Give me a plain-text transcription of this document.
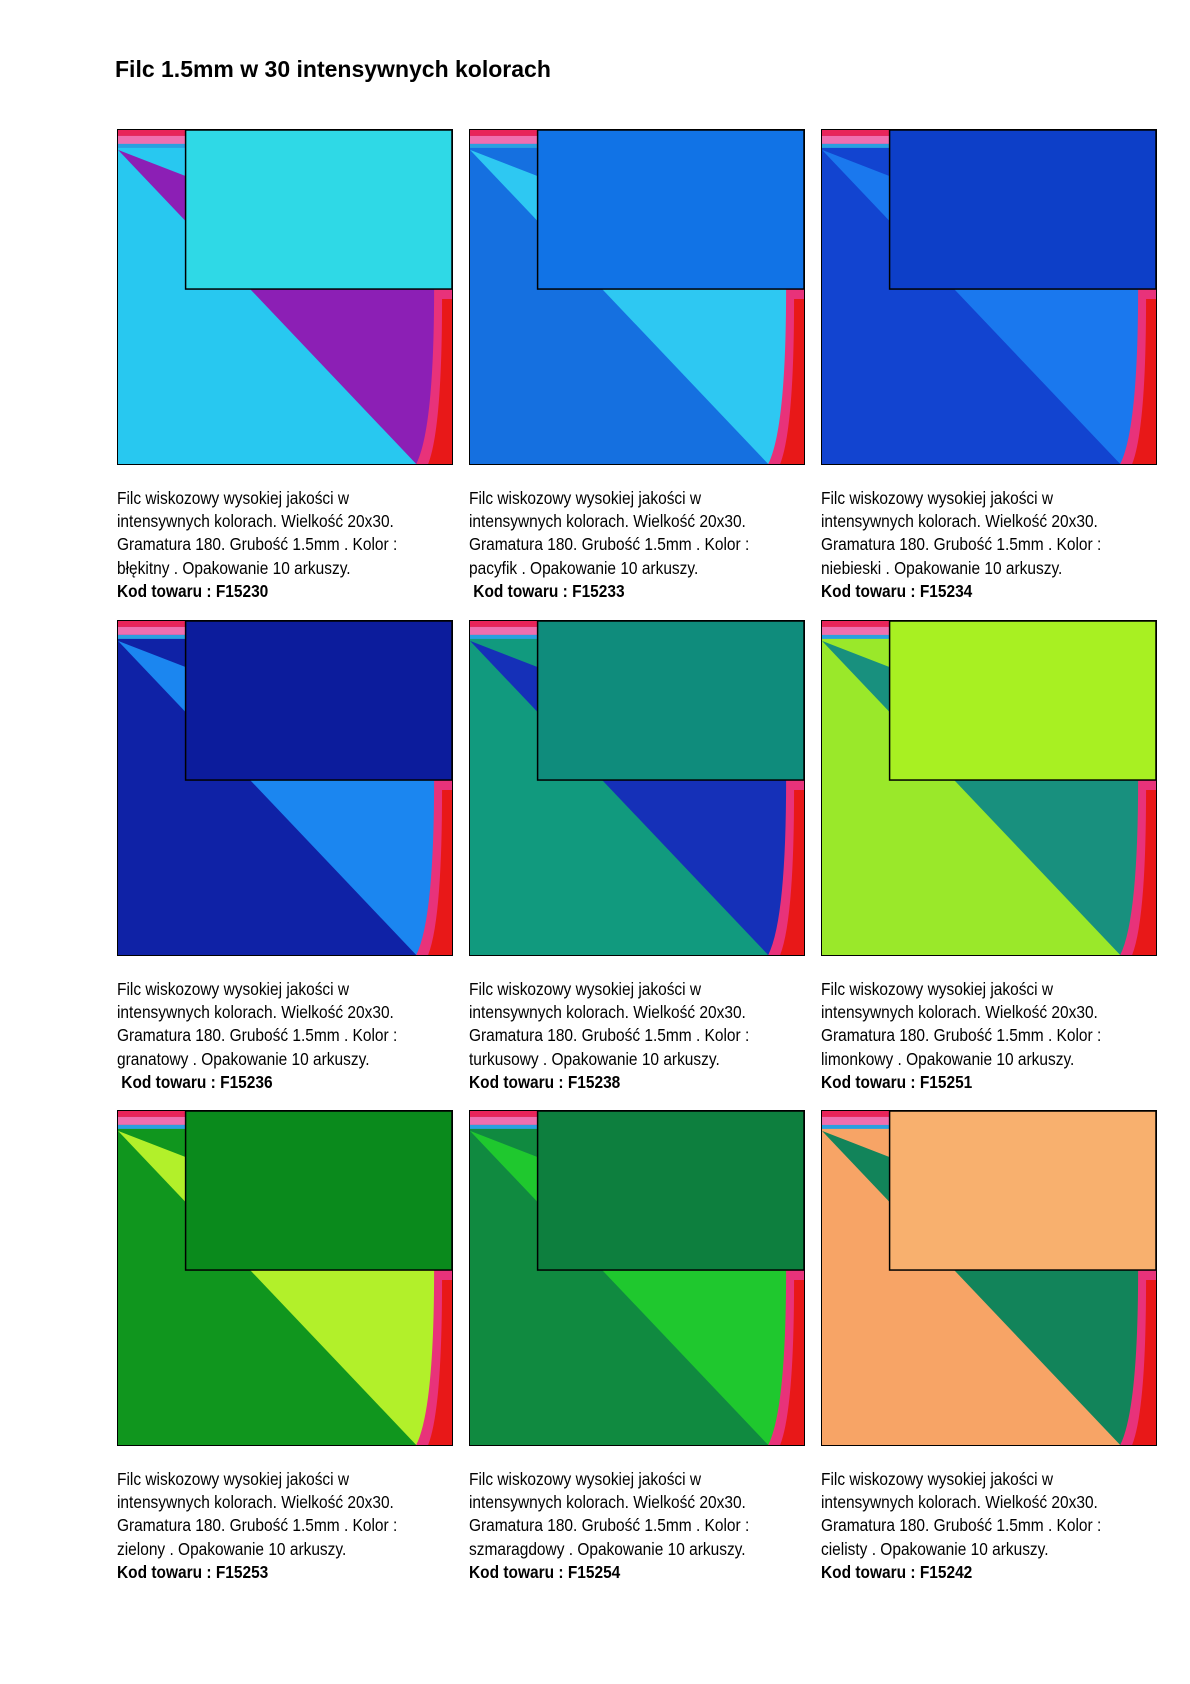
Filc 1.5mm w 30 intensywnych kolorach
Filc wiskozowy wysokiej jakości w
intensywnych kolorach. Wielkość 20x30.
Gramatura 180. Grubość 1.5mm . Kolor :
błękitny . Opakowanie 10 arkuszy.
Kod towaru : F15230
Filc wiskozowy wysokiej jakości w
intensywnych kolorach. Wielkość 20x30.
Gramatura 180. Grubość 1.5mm . Kolor :
pacyfik . Opakowanie 10 arkuszy.
Kod towaru : F15233
Filc wiskozowy wysokiej jakości w
intensywnych kolorach. Wielkość 20x30.
Gramatura 180. Grubość 1.5mm . Kolor :
niebieski . Opakowanie 10 arkuszy.
Kod towaru : F15234
Filc wiskozowy wysokiej jakości w
intensywnych kolorach. Wielkość 20x30.
Gramatura 180. Grubość 1.5mm . Kolor :
granatowy . Opakowanie 10 arkuszy.
Kod towaru : F15236
Filc wiskozowy wysokiej jakości w
intensywnych kolorach. Wielkość 20x30.
Gramatura 180. Grubość 1.5mm . Kolor :
turkusowy . Opakowanie 10 arkuszy.
Kod towaru : F15238
Filc wiskozowy wysokiej jakości w
intensywnych kolorach. Wielkość 20x30.
Gramatura 180. Grubość 1.5mm . Kolor :
limonkowy . Opakowanie 10 arkuszy.
Kod towaru : F15251
Filc wiskozowy wysokiej jakości w
intensywnych kolorach. Wielkość 20x30.
Gramatura 180. Grubość 1.5mm . Kolor :
zielony . Opakowanie 10 arkuszy.
Kod towaru : F15253
Filc wiskozowy wysokiej jakości w
intensywnych kolorach. Wielkość 20x30.
Gramatura 180. Grubość 1.5mm . Kolor :
szmaragdowy . Opakowanie 10 arkuszy.
Kod towaru : F15254
Filc wiskozowy wysokiej jakości w
intensywnych kolorach. Wielkość 20x30.
Gramatura 180. Grubość 1.5mm . Kolor :
cielisty . Opakowanie 10 arkuszy.
Kod towaru : F15242
